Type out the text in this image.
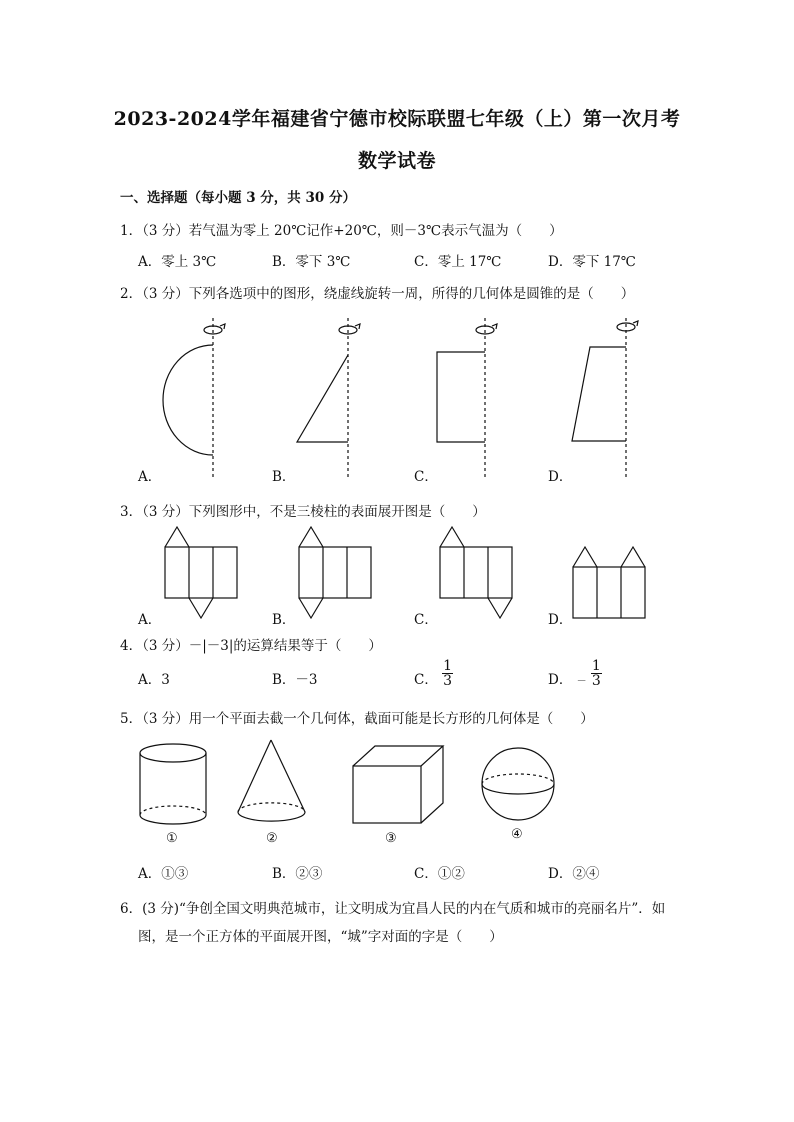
2023-2024学年福建省宁德市校际联盟七年级（上）第一次月考
数学试卷
一、选择题（每小题 3 分，共 30 分）
1．（3 分）若气温为零上 20℃记作+20℃，则－3℃表示气温为（　　）
A．零上 3℃	B．零下 3℃	C．零上 17℃	D．零下 17℃
2．（3 分）下列各选项中的图形，绕虚线旋转一周，所得的几何体是圆锥的是（　　）
3．（3 分）下列图形中，不是三棱柱的表面展开图是（　　）
4．（3 分）－|－3|的运算结果等于（　　）
A．3	B．－3	C． $\frac{1}{3}$	D． － $\frac{1}{3}$
5．（3 分）用一个平面去截一个几何体，截面可能是长方形的几何体是（　　）
①	②	③	④
A．①③	B．②③	C．①②	D．②④
6．(3 分)“争创全国文明典范城市，让文明成为宜昌人民的内在气质和城市的亮丽名片”．如
图，是一个正方体的平面展开图，“城”字对面的字是（　　）
A．	B．	C．	D．
A．	B．	C．	D．
